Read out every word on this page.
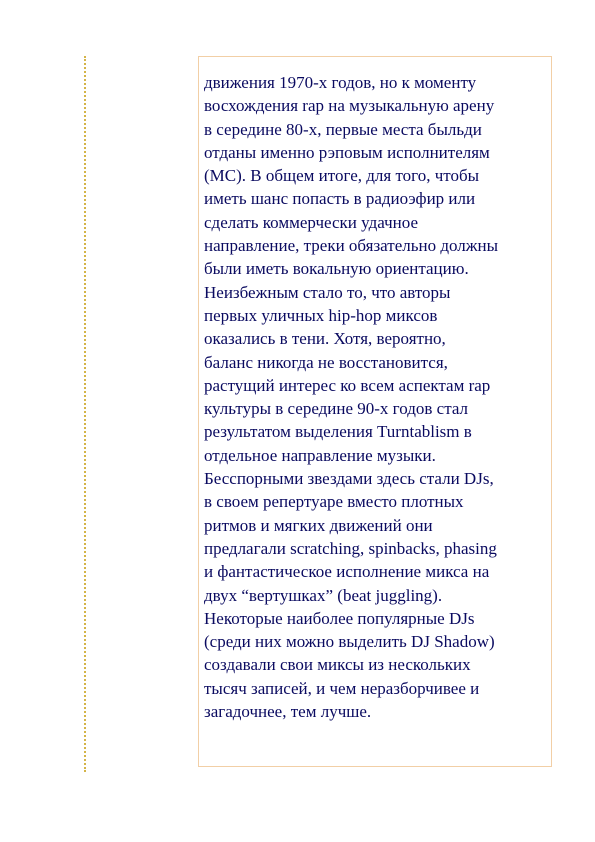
движения 1970-х годов, но к моменту
восхождения rap на музыкальную арену
в середине 80-х, первые места быльди
отданы именно рэповым исполнителям
(MC). В общем итоге, для того, чтобы
иметь шанс попасть в радиоэфир или
сделать коммерчески удачное
направление, треки обязательно должны
были иметь вокальную ориентацию.
Неизбежным стало то, что авторы
первых уличных hip-hop миксов
оказались в тени. Хотя, вероятно,
баланс никогда не восстановится,
растущий интерес ко всем аспектам rap
культуры в середине 90-х годов стал
результатом выделения Turntablism в
отдельное направление музыки.
Бесспорными звездами здесь стали DJs,
в своем репертуаре вместо плотных
ритмов и мягких движений они
предлагали scratching, spinbacks, phasing
и фантастическое исполнение микса на
двух “вертушках” (beat juggling).
Некоторые наиболее популярные DJs
(среди них можно выделить DJ Shadow)
создавали свои миксы из нескольких
тысяч записей, и чем неразборчивее и
загадочнее, тем лучше.
